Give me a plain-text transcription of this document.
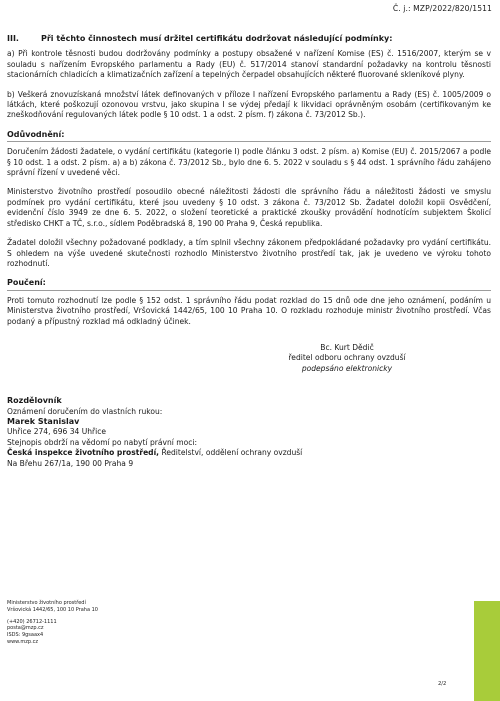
Č. j.: MZP/2022/820/1511

III.	Při těchto činnostech musí držitel certifikátu dodržovat následující podmínky:

a) Při kontrole těsnosti budou dodržovány podmínky a postupy obsažené v nařízení Komise (ES) č. 1516/2007, kterým se v souladu s nařízením Evropského parlamentu a Rady (EU) č. 517/2014 stanoví standardní požadavky na kontrolu těsnosti stacionárních chladicích a klimatizačních zařízení a tepelných čerpadel obsahujících některé fluorované skleníkové plyny.

b) Veškerá znovuzískaná množství látek definovaných v příloze I nařízení Evropského parlamentu a Rady (ES) č. 1005/2009 o látkách, které poškozují ozonovou vrstvu, jako skupina I se výdej předají k likvidaci oprávněným osobám (certifikovaným ke zneškodňování regulovaných látek podle § 10 odst. 1 a odst. 2 písm. f) zákona č. 73/2012 Sb.).

Odůvodnění:

Doručením žádosti žadatele, o vydání certifikátu (kategorie I) podle článku 3 odst. 2 písm. a) Komise (EU) č. 2015/2067 a podle § 10 odst. 1 a odst. 2 písm. a) a b) zákona č. 73/2012 Sb., bylo dne 6. 5. 2022 v souladu s § 44 odst. 1 správního řádu zahájeno správní řízení v uvedené věci.

Ministerstvo životního prostředí posoudilo obecné náležitosti žádosti dle správního řádu a náležitosti žádosti ve smyslu podmínek pro vydání certifikátu, které jsou uvedeny § 10 odst. 3 zákona č. 73/2012 Sb. Žadatel doložil kopii Osvědčení, evidenční číslo 3949 ze dne 6. 5. 2022, o složení teoretické a praktické zkoušky provádění hodnotícím subjektem Školicí středisko CHKT a TČ, s.r.o., sídlem Poděbradská 8, 190 00 Praha 9, Česká republika.

Žadatel doložil všechny požadované podklady, a tím splnil všechny zákonem předpokládané požadavky pro vydání certifikátu. S ohledem na výše uvedené skutečnosti rozhodlo Ministerstvo životního prostředí tak, jak je uvedeno ve výroku tohoto rozhodnutí.

Poučení:

Proti tomuto rozhodnutí lze podle § 152 odst. 1 správního řádu podat rozklad do 15 dnů ode dne jeho oznámení, podáním u Ministerstva životního prostředí, Vršovická 1442/65, 100 10 Praha 10. O rozkladu rozhoduje ministr životního prostředí. Včas podaný a přípustný rozklad má odkladný účinek.

Bc. Kurt Dědič

ředitel odboru ochrany ovzduší

podepsáno elektronicky

Rozdělovník

Oznámení doručením do vlastních rukou:

Marek Stanislav

Uhřice 274, 696 34 Uhřice

Stejnopis obdrží na vědomí po nabytí právní moci:

Česká inspekce životního prostředí, Ředitelství, oddělení ochrany ovzduší

Na Břehu 267/1a, 190 00 Praha 9

Ministerstvo životního prostředí
Vršovická 1442/65, 100 10 Praha 10
(+420) 26712-1111
posta@mzp.cz
ISDS: 9gsaax4
www.mzp.cz
2/2
